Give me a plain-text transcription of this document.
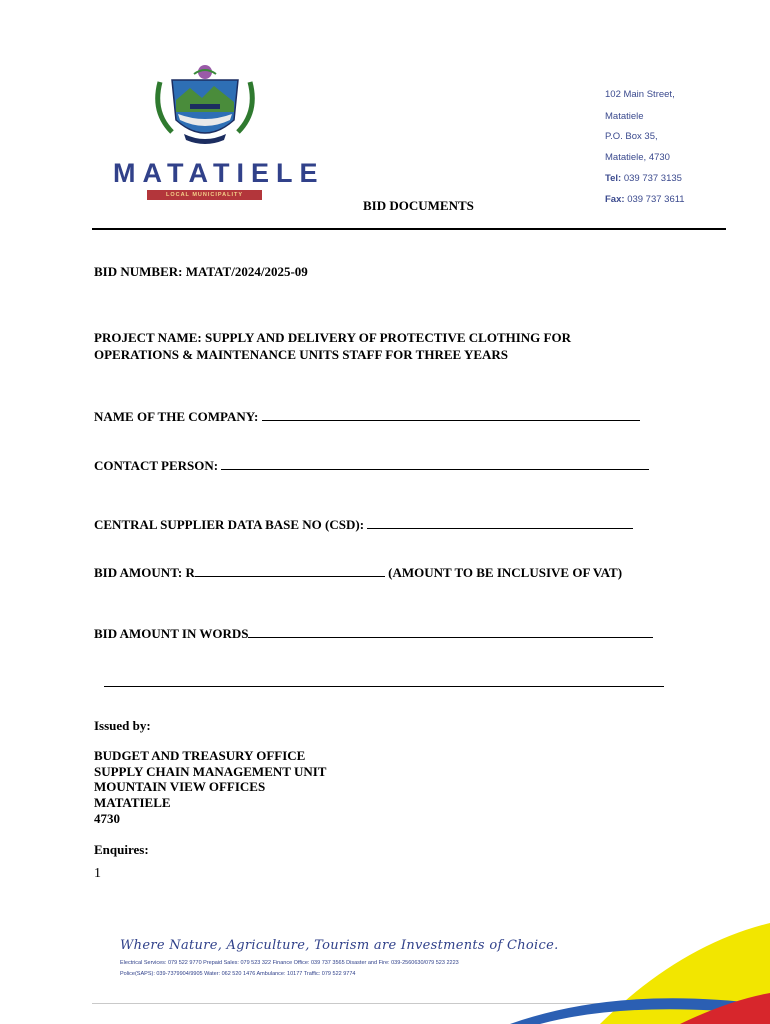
MATATIELE
LOCAL MUNICIPALITY
102 Main Street,
Matatiele
P.O. Box 35,
Matatiele, 4730
Tel: 039 737 3135
Fax: 039 737 3611
BID DOCUMENTS
BID NUMBER: MATAT/2024/2025-09
PROJECT NAME: SUPPLY AND DELIVERY OF PROTECTIVE CLOTHING FOR
OPERATIONS & MAINTENANCE UNITS STAFF FOR THREE YEARS
NAME OF THE COMPANY:
CONTACT PERSON:
CENTRAL SUPPLIER DATA BASE NO (CSD):
BID AMOUNT: R	(AMOUNT TO BE INCLUSIVE OF VAT)
BID AMOUNT IN WORDS
Issued by:
BUDGET AND TREASURY OFFICE
SUPPLY CHAIN MANAGEMENT UNIT
MOUNTAIN VIEW OFFICES
MATATIELE
4730
Enquires:
1
Where Nature, Agriculture, Tourism are Investments of Choice.
Electrical Services: 079 522 9770 Prepaid Sales: 079 523 322 Finance Office: 039 737 3565 Disaster and Fire: 039-2560630/079 523 2223
Police(SAPS): 039-7379904/9905 Water: 062 520 1476 Ambulance: 10177 Traffic: 079 522 9774
